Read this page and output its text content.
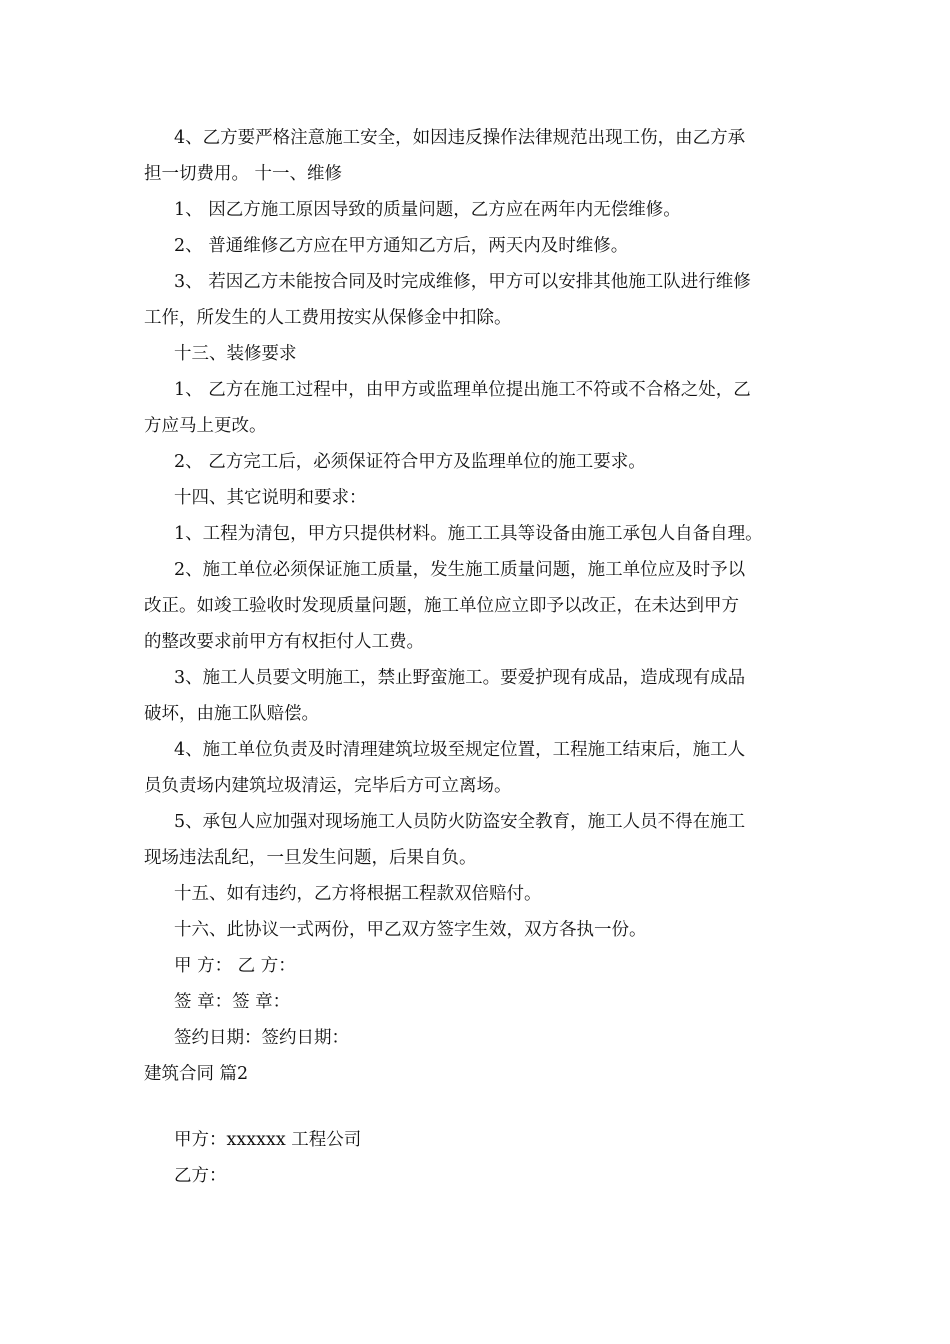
4、乙方要严格注意施工安全，如因违反操作法律规范出现工伤，由乙方承
担一切费用。 十一、维修
1、 因乙方施工原因导致的质量问题，乙方应在两年内无偿维修。
2、 普通维修乙方应在甲方通知乙方后，两天内及时维修。
3、 若因乙方未能按合同及时完成维修，甲方可以安排其他施工队进行维修
工作，所发生的人工费用按实从保修金中扣除。
十三、装修要求
1、 乙方在施工过程中，由甲方或监理单位提出施工不符或不合格之处，乙
方应马上更改。
2、 乙方完工后，必须保证符合甲方及监理单位的施工要求。
十四、其它说明和要求：
1、工程为清包，甲方只提供材料。施工工具等设备由施工承包人自备自理。
2、施工单位必须保证施工质量，发生施工质量问题，施工单位应及时予以
改正。如竣工验收时发现质量问题，施工单位应立即予以改正，在未达到甲方
的整改要求前甲方有权拒付人工费。
3、施工人员要文明施工，禁止野蛮施工。要爱护现有成品，造成现有成品
破坏，由施工队赔偿。
4、施工单位负责及时清理建筑垃圾至规定位置，工程施工结束后，施工人
员负责场内建筑垃圾清运，完毕后方可立离场。
5、承包人应加强对现场施工人员防火防盗安全教育，施工人员不得在施工
现场违法乱纪，一旦发生问题，后果自负。
十五、如有违约，乙方将根据工程款双倍赔付。
十六、此协议一式两份，甲乙双方签字生效，双方各执一份。
甲 方： 乙 方：
签 章：签 章：
签约日期：签约日期：
建筑合同 篇2
甲方：xxxxxx 工程公司
乙方：
